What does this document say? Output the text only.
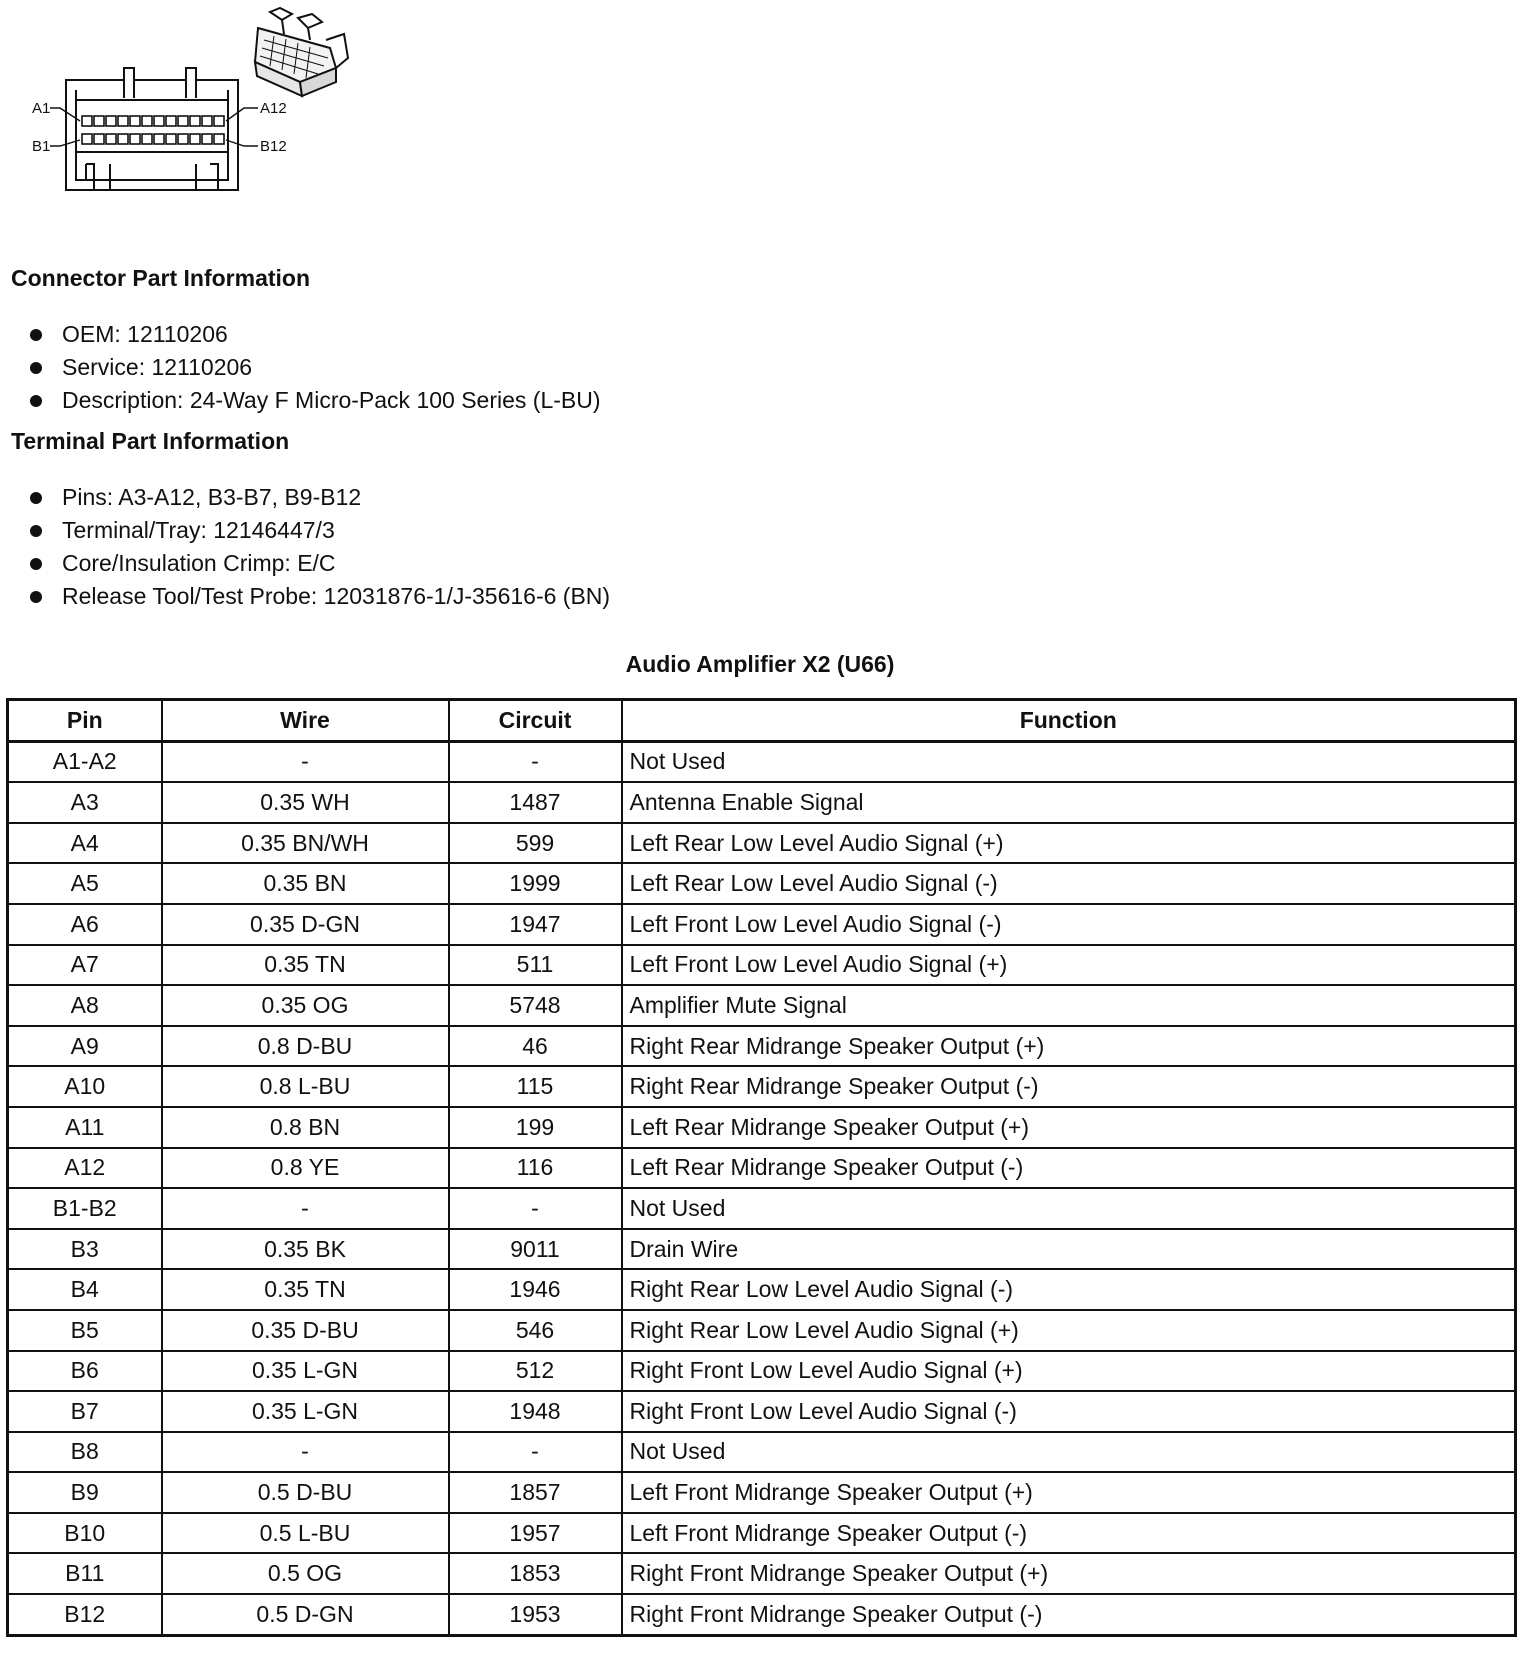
A1
B1
A12
B12
Connector Part Information
OEM: 12110206
Service: 12110206
Description: 24-Way F Micro-Pack 100 Series (L-BU)
Terminal Part Information
Pins: A3-A12, B3-B7, B9-B12
Terminal/Tray: 12146447/3
Core/Insulation Crimp: E/C
Release Tool/Test Probe: 12031876-1/J-35616-6 (BN)
Audio Amplifier X2 (U66)
Pin	Wire	Circuit	Function
A1-A2	-	-	Not Used
A3	0.35 WH	1487	Antenna Enable Signal
A4	0.35 BN/WH	599	Left Rear Low Level Audio Signal (+)
A5	0.35 BN	1999	Left Rear Low Level Audio Signal (-)
A6	0.35 D-GN	1947	Left Front Low Level Audio Signal (-)
A7	0.35 TN	511	Left Front Low Level Audio Signal (+)
A8	0.35 OG	5748	Amplifier Mute Signal
A9	0.8 D-BU	46	Right Rear Midrange Speaker Output (+)
A10	0.8 L-BU	115	Right Rear Midrange Speaker Output (-)
A11	0.8 BN	199	Left Rear Midrange Speaker Output (+)
A12	0.8 YE	116	Left Rear Midrange Speaker Output (-)
B1-B2	-	-	Not Used
B3	0.35 BK	9011	Drain Wire
B4	0.35 TN	1946	Right Rear Low Level Audio Signal (-)
B5	0.35 D-BU	546	Right Rear Low Level Audio Signal (+)
B6	0.35 L-GN	512	Right Front Low Level Audio Signal (+)
B7	0.35 L-GN	1948	Right Front Low Level Audio Signal (-)
B8	-	-	Not Used
B9	0.5 D-BU	1857	Left Front Midrange Speaker Output (+)
B10	0.5 L-BU	1957	Left Front Midrange Speaker Output (-)
B11	0.5 OG	1853	Right Front Midrange Speaker Output (+)
B12	0.5 D-GN	1953	Right Front Midrange Speaker Output (-)
